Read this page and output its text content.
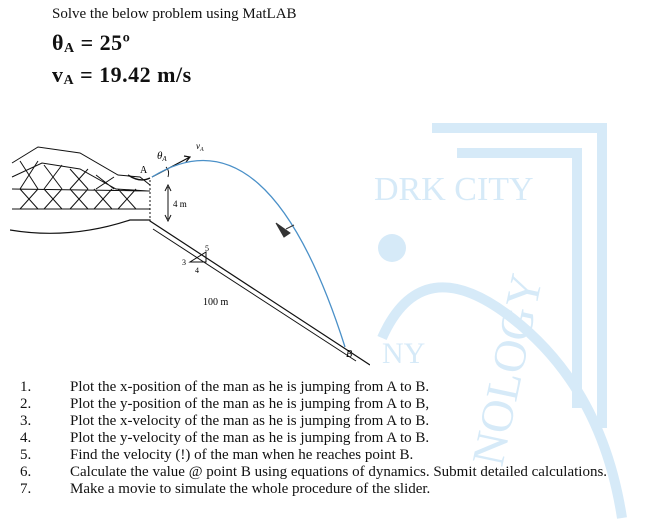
DRK CITY
NOLOGY
NY
Solve the below problem using MatLAB
$\theta_A$ = 25º
$v_A = 19.42$ m/s
A
B
θA
$v_A$
4 m
3
4
5
100 m
1.	Plot the x-position of the man as he is jumping from A to B.
2.	Plot the y-position of the man as he is jumping from A to B,
3.	Plot the x-velocity of the man as he is jumping from A to B.
4.	Plot the y-velocity of the man as he is jumping from A to B.
5.	Find the velocity (!) of the man when he reaches point B.
6.	Calculate the value @ point B using equations of dynamics. Submit detailed calculations.
7.	Make a movie to simulate the whole procedure of the slider.
